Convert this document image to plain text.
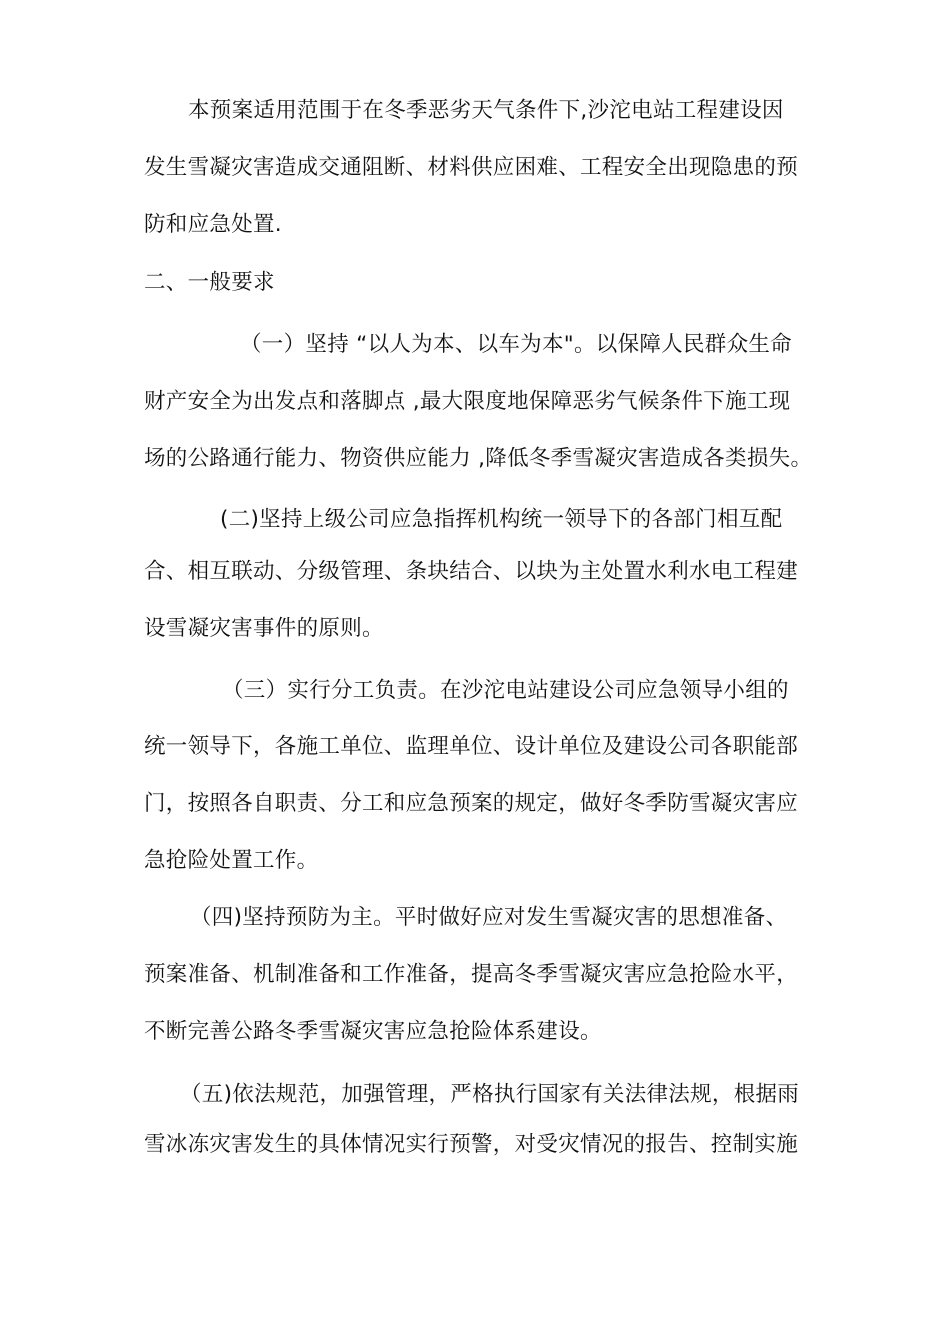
本预案适用范围于在冬季恶劣天气条件下,沙沱电站工程建设因
发生雪凝灾害造成交通阻断、材料供应困难、工程安全出现隐患的预
防和应急处置.
二、一般要求
（一）坚持 “以人为本、以车为本"。以保障人民群众生命
财产安全为出发点和落脚点 ,最大限度地保障恶劣气候条件下施工现
场的公路通行能力、物资供应能力 ,降低冬季雪凝灾害造成各类损失。
(二)坚持上级公司应急指挥机构统一领导下的各部门相互配
合、相互联动、分级管理、条块结合、以块为主处置水利水电工程建
设雪凝灾害事件的原则。
（三）实行分工负责。在沙沱电站建设公司应急领导小组的
统一领导下，各施工单位、监理单位、设计单位及建设公司各职能部
门，按照各自职责、分工和应急预案的规定，做好冬季防雪凝灾害应
急抢险处置工作。
（四)坚持预防为主。平时做好应对发生雪凝灾害的思想准备、
预案准备、机制准备和工作准备，提高冬季雪凝灾害应急抢险水平，
不断完善公路冬季雪凝灾害应急抢险体系建设。
（五)依法规范，加强管理，严格执行国家有关法律法规，根据雨
雪冰冻灾害发生的具体情况实行预警，对受灾情况的报告、控制实施
